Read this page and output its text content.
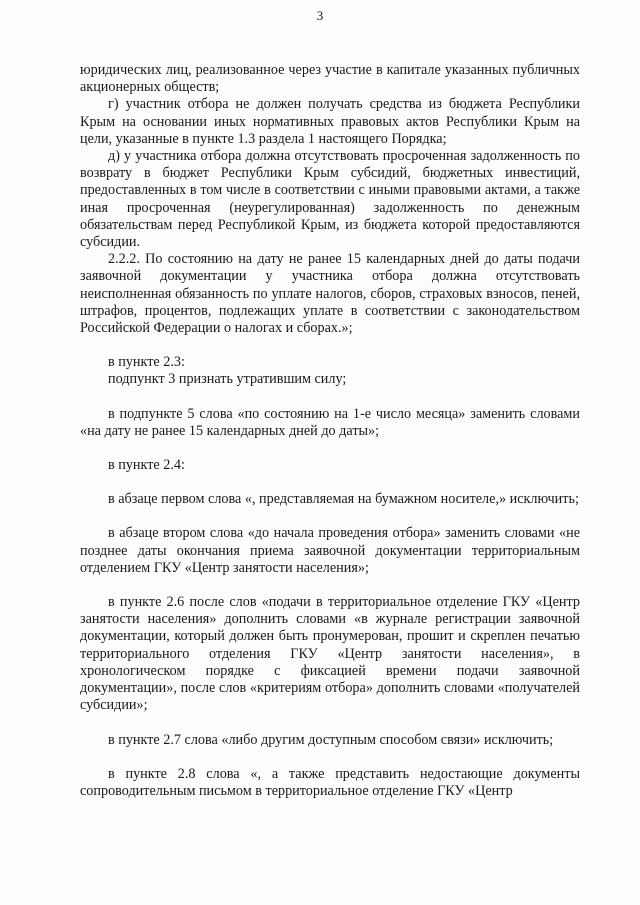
3

юридических лиц, реализованное через участие в капитале указанных публичных акционерных обществ;

г) участник отбора не должен получать средства из бюджета Республики Крым на основании иных нормативных правовых актов Республики Крым на цели, указанные в пункте 1.3 раздела 1 настоящего Порядка;

д) у участника отбора должна отсутствовать просроченная задолженность по возврату в бюджет Республики Крым субсидий, бюджетных инвестиций, предоставленных в том числе в соответствии с иными правовыми актами, а также иная просроченная (неурегулированная) задолженность по денежным обязательствам перед Республикой Крым, из бюджета которой предоставляются субсидии.

2.2.2. По состоянию на дату не ранее 15 календарных дней до даты подачи заявочной документации у участника отбора должна отсутствовать неисполненная обязанность по уплате налогов, сборов, страховых взносов, пеней, штрафов, процентов, подлежащих уплате в соответствии с законодательством Российской Федерации о налогах и сборах.»;

в пункте 2.3:

подпункт 3 признать утратившим силу;

в подпункте 5 слова «по состоянию на 1-е число месяца» заменить словами «на дату не ранее 15 календарных дней до даты»;

в пункте 2.4:

в абзаце первом слова «, представляемая на бумажном носителе,» исключить;

в абзаце втором слова «до начала проведения отбора» заменить словами «не позднее даты окончания приема заявочной документации территориальным отделением ГКУ «Центр занятости населения»;

в пункте 2.6 после слов «подачи в территориальное отделение ГКУ «Центр занятости населения» дополнить словами «в журнале регистрации заявочной документации, который должен быть пронумерован, прошит и скреплен печатью территориального отделения ГКУ «Центр занятости населения», в хронологическом порядке с фиксацией времени подачи заявочной документации», после слов «критериям отбора» дополнить словами «получателей субсидии»;

в пункте 2.7 слова «либо другим доступным способом связи» исключить;

в пункте 2.8 слова «, а также представить недостающие документы сопроводительным письмом в территориальное отделение ГКУ «Центр
